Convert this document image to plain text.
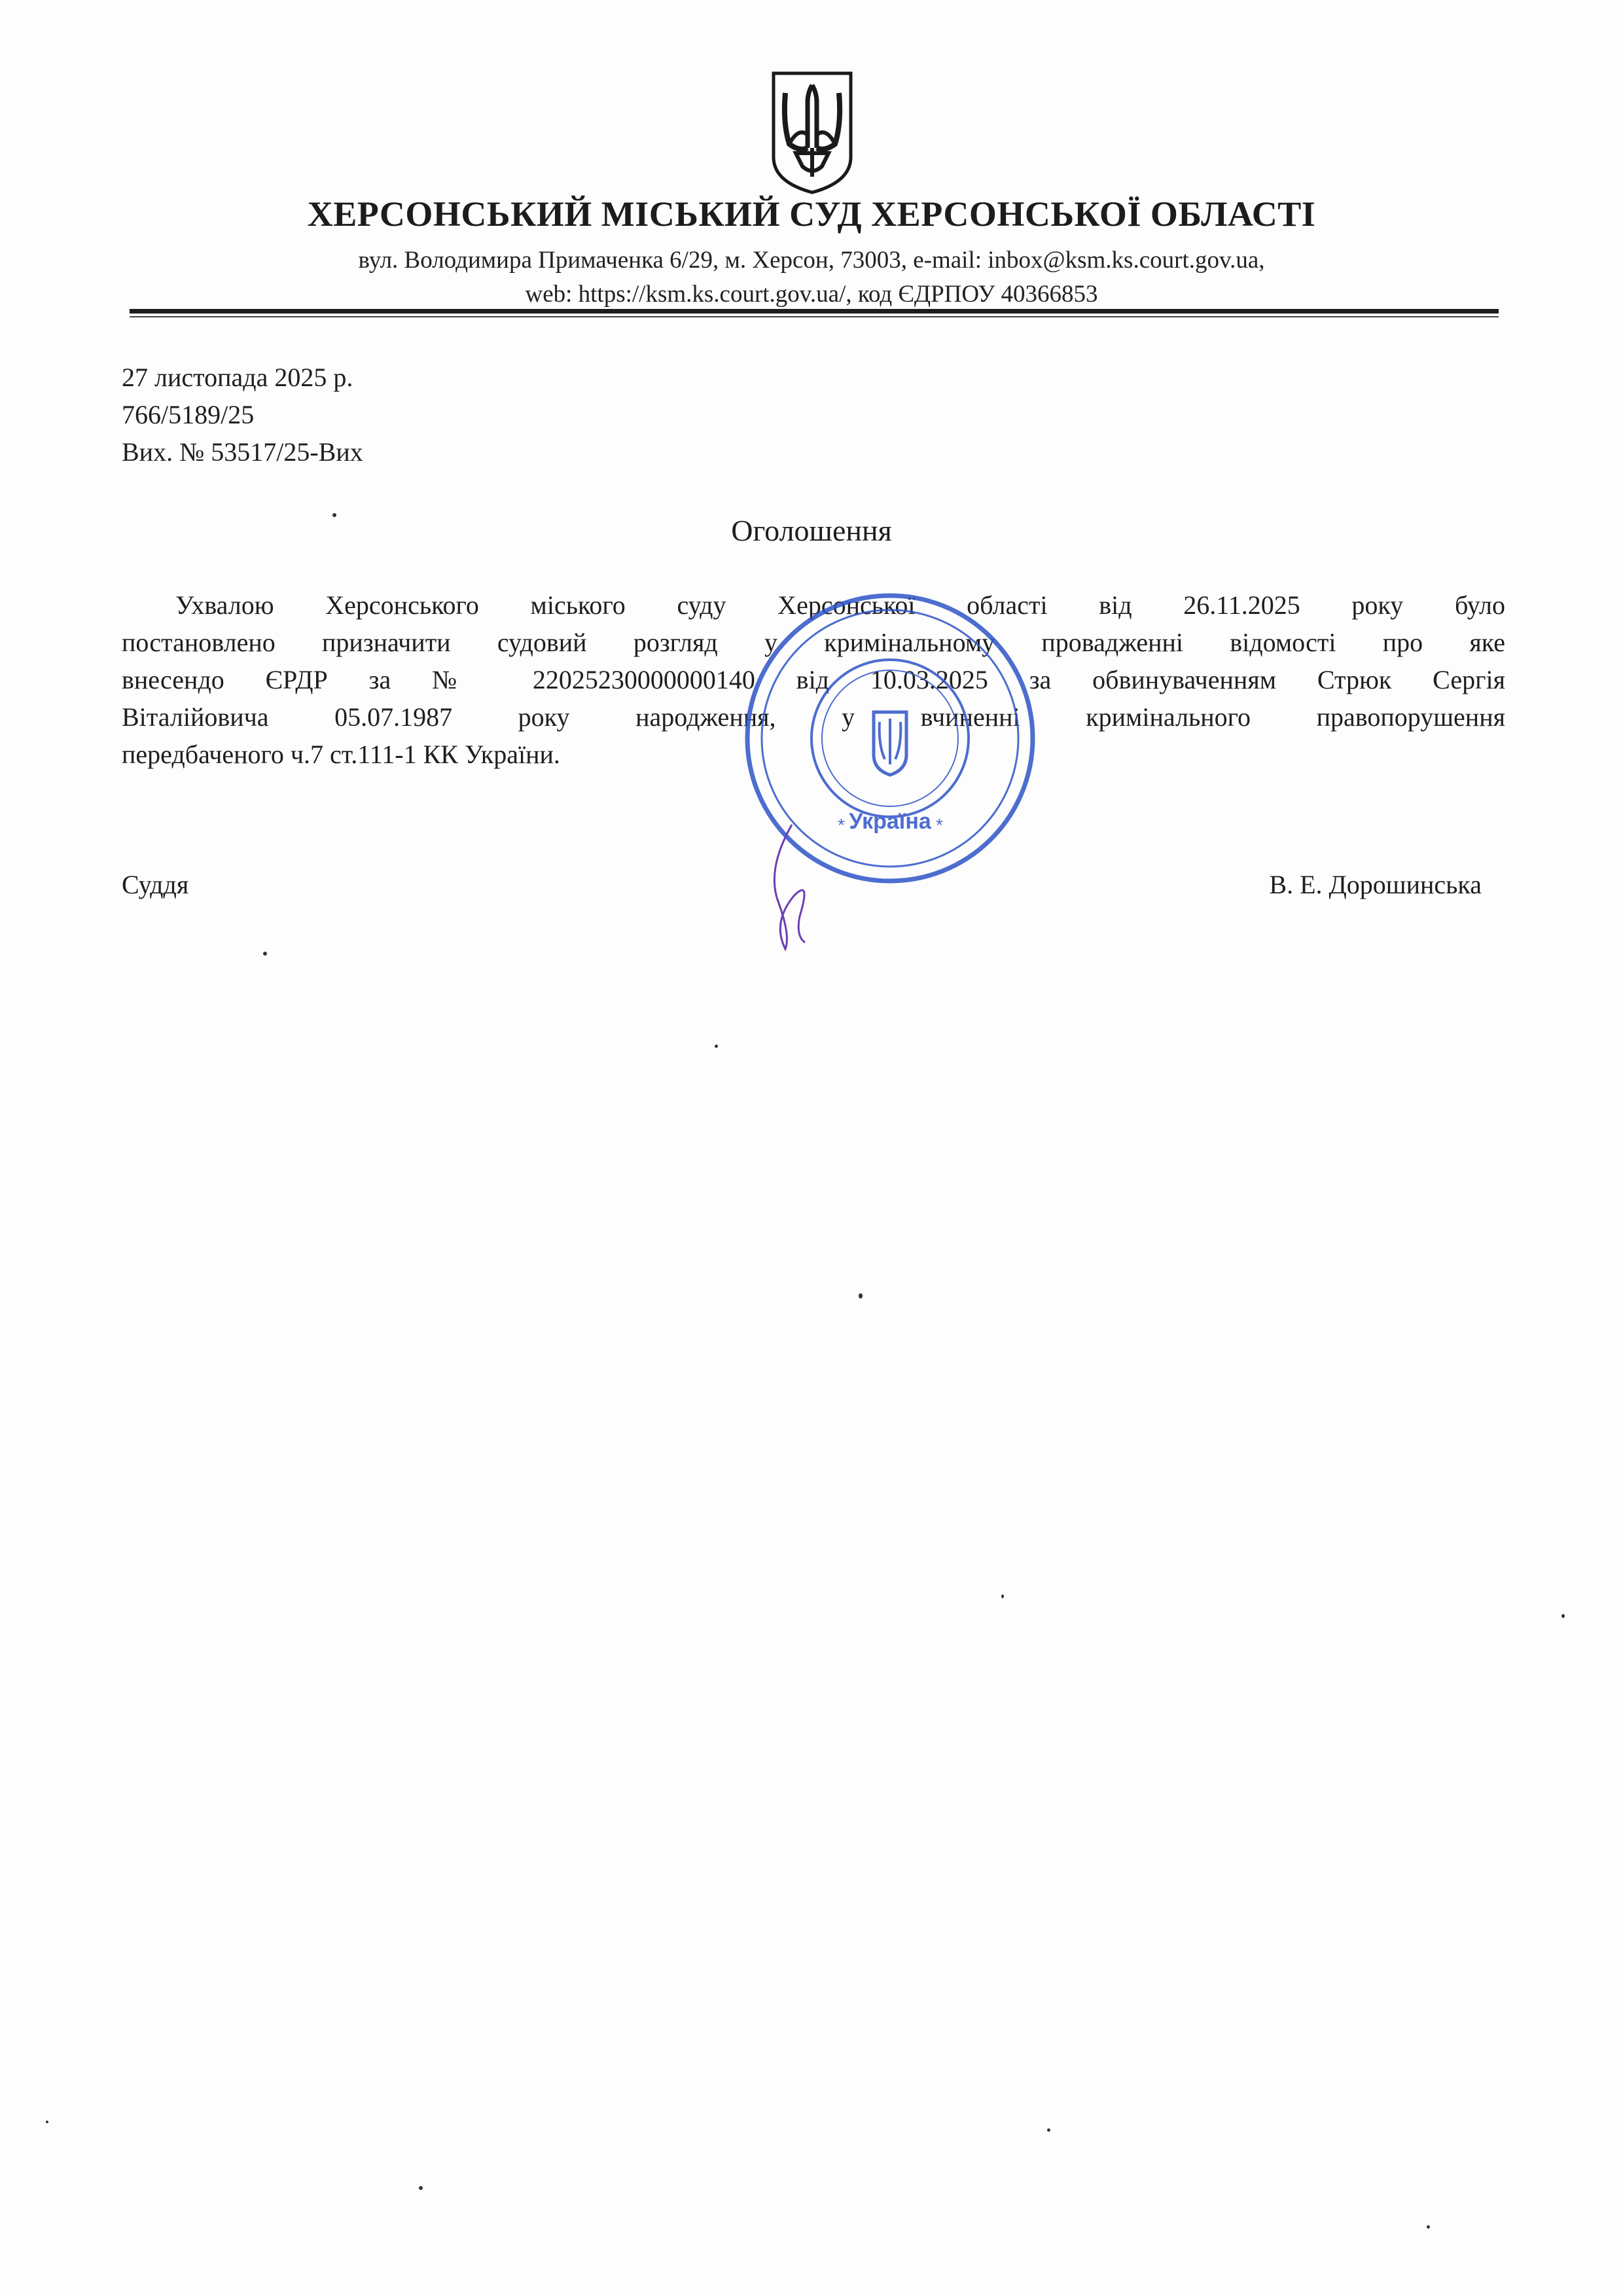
ХЕРСОНСЬКИЙ МІСЬКИЙ СУД ХЕРСОНСЬКОЇ ОБЛАСТІ
вул. Володимира Примаченка 6/29, м. Херсон, 73003, e-mail: inbox@ksm.ks.court.gov.ua,
web: https://ksm.ks.court.gov.ua/, код ЄДРПОУ 40366853
27 листопада 2025 р.
766/5189/25
Вих. № 53517/25-Вих
Оголошення
Ухвалою Херсонського міського суду Херсонської області від 26.11.2025 року було
постановлено призначити судовий розгляд у кримінальному провадженні відомості про яке
внесендо ЄРДР за № 22025230000000140 від 10.03.2025 за обвинуваченням Стрюк Сергія
Віталійовича 05.07.1987 року народження, у вчиненні кримінального правопорушення
передбаченого ч.7 ст.111-1 КК України.
Україна
*	*
Суддя	В. Е. Дорошинська
